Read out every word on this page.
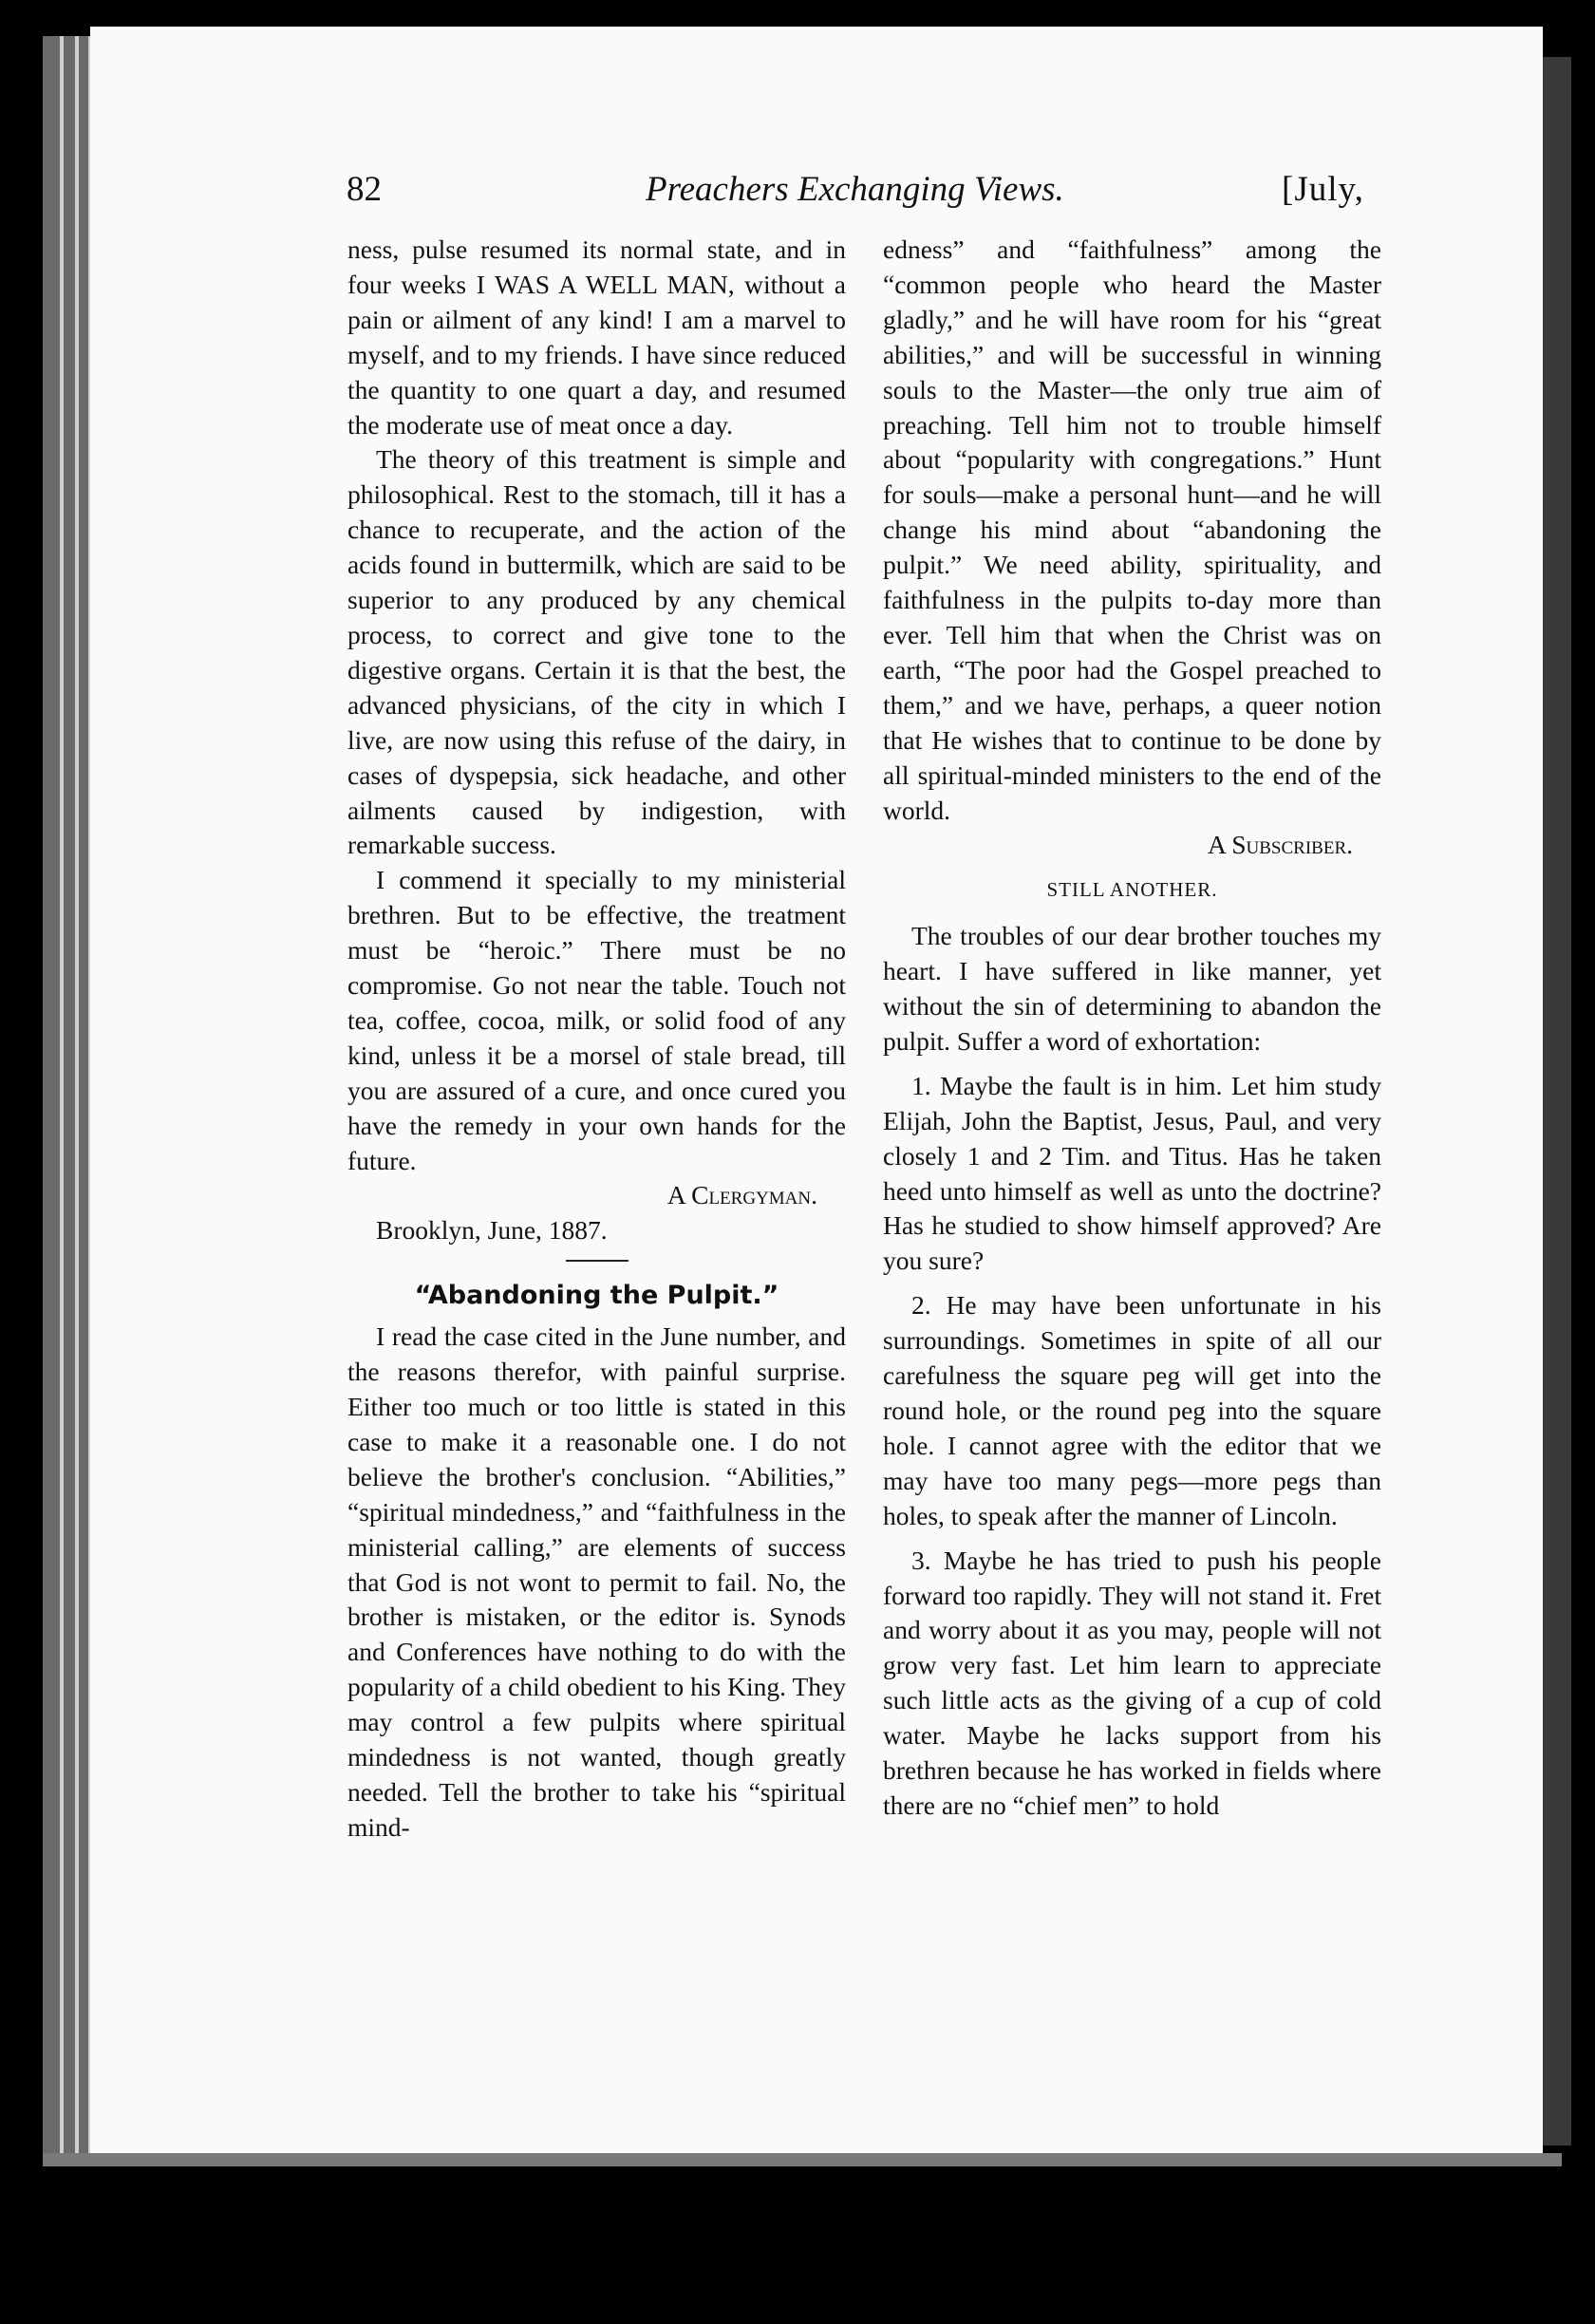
82	Preachers Exchanging Views.	[July,

ness, pulse resumed its normal state, and in four weeks I WAS A WELL MAN, without a pain or ailment of any kind! I am a marvel to myself, and to my friends. I have since reduced the quantity to one quart a day, and resumed the moderate use of meat once a day.

The theory of this treatment is simple and philosophical. Rest to the stomach, till it has a chance to recuperate, and the action of the acids found in buttermilk, which are said to be superior to any produced by any chemical process, to correct and give tone to the digestive organs. Certain it is that the best, the advanced physicians, of the city in which I live, are now using this refuse of the dairy, in cases of dyspepsia, sick headache, and other ailments caused by indigestion, with remarkable success.

I commend it specially to my ministerial brethren. But to be effective, the treatment must be “heroic.” There must be no compromise. Go not near the table. Touch not tea, coffee, cocoa, milk, or solid food of any kind, unless it be a morsel of stale bread, till you are assured of a cure, and once cured you have the remedy in your own hands for the future.

A Clergyman.

Brooklyn, June, 1887.

“Abandoning the Pulpit.”

I read the case cited in the June number, and the reasons therefor, with painful surprise. Either too much or too little is stated in this case to make it a reasonable one. I do not believe the brother's conclusion. “Abilities,” “spiritual mindedness,” and “faithfulness in the ministerial calling,” are elements of success that God is not wont to permit to fail. No, the brother is mistaken, or the editor is. Synods and Conferences have nothing to do with the popularity of a child obedient to his King. They may control a few pulpits where spiritual mindedness is not wanted, though greatly needed. Tell the brother to take his “spiritual mind-

edness” and “faithfulness” among the “common people who heard the Master gladly,” and he will have room for his “great abilities,” and will be successful in winning souls to the Master—the only true aim of preaching. Tell him not to trouble himself about “popularity with congregations.” Hunt for souls—make a personal hunt—and he will change his mind about “abandoning the pulpit.” We need ability, spirituality, and faithfulness in the pulpits to-day more than ever. Tell him that when the Christ was on earth, “The poor had the Gospel preached to them,” and we have, perhaps, a queer notion that He wishes that to continue to be done by all spiritual-minded ministers to the end of the world.

A Subscriber.

STILL ANOTHER.

The troubles of our dear brother touches my heart. I have suffered in like manner, yet without the sin of determining to abandon the pulpit. Suffer a word of exhortation:

1. Maybe the fault is in him. Let him study Elijah, John the Baptist, Jesus, Paul, and very closely 1 and 2 Tim. and Titus. Has he taken heed unto himself as well as unto the doctrine? Has he studied to show himself approved? Are you sure?

2. He may have been unfortunate in his surroundings. Sometimes in spite of all our carefulness the square peg will get into the round hole, or the round peg into the square hole. I cannot agree with the editor that we may have too many pegs—more pegs than holes, to speak after the manner of Lincoln.

3. Maybe he has tried to push his people forward too rapidly. They will not stand it. Fret and worry about it as you may, people will not grow very fast. Let him learn to appreciate such little acts as the giving of a cup of cold water. Maybe he lacks support from his brethren because he has worked in fields where there are no “chief men” to hold
